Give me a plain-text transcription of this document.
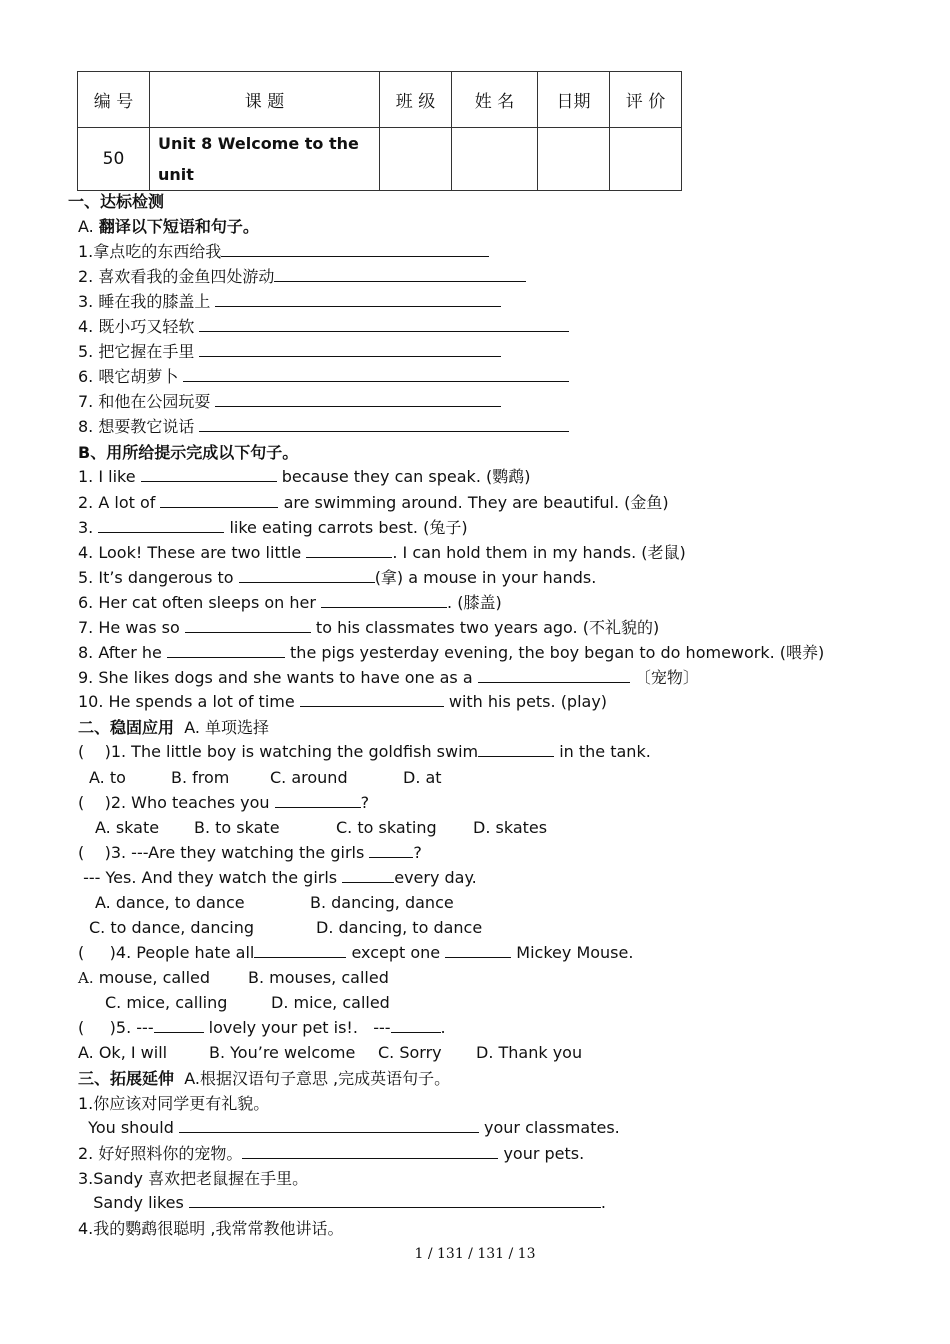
编 号	课 题	班 级	姓 名	日期	评 价
50	Unit 8 Welcome to the unit				
一、达标检测
A. 翻译以下短语和句子。
1.拿点吃的东西给我
2. 喜欢看我的金鱼四处游动
3. 睡在我的膝盖上
4. 既小巧又轻软
5. 把它握在手里
6. 喂它胡萝卜
7. 和他在公园玩耍
8. 想要教它说话
B、用所给提示完成以下句子。
1. I like	because they can speak. (鹦鹉)
2. A lot of	are swimming around. They are beautiful. (金鱼)
3.	like eating carrots best. (兔子)
4. Look! These are two little	. I can hold them in my hands. (老鼠)
5. It’s dangerous to	(拿) a mouse in your hands.
6. Her cat often sleeps on her	. (膝盖)
7. He was so	to his classmates two years ago. (不礼貌的)
8. After he	the pigs yesterday evening, the boy began to do homework. (喂养)
9. She likes dogs and she wants to have one as a	〔宠物〕
10. He spends a lot of time	with his pets. (play)
二、稳固应用  A. 单项选择
(    )1. The little boy is watching the goldfish swim	in the tank.
A. to	B. from	C. around	D. at
(    )2. Who teaches you	?
A. skate B. to skate	C. to skating D. skates
(    )3. ---Are they watching the girls	?
--- Yes. And they watch the girls	every day.
A. dance, to dance	B. dancing, dance
C. to dance, dancing	D. dancing, to dance
(     )4. People hate all	except one	Mickey Mouse.
A. mouse, called B. mouses, called
C. mice, calling	D. mice, called
(     )5. ---	lovely your pet is!.   ---	.
A. Ok, I will	B. You’re welcome C. Sorry D. Thank you
三、拓展延伸  A.根据汉语句子意思 ,完成英语句子。
1.你应该对同学更有礼貌。
You should	your classmates.
2. 好好照料你的宠物。	your pets.
3.Sandy 喜欢把老鼠握在手里。
Sandy likes	.
4.我的鹦鹉很聪明 ,我常常教他讲话。
1 / 131 / 131 / 13
